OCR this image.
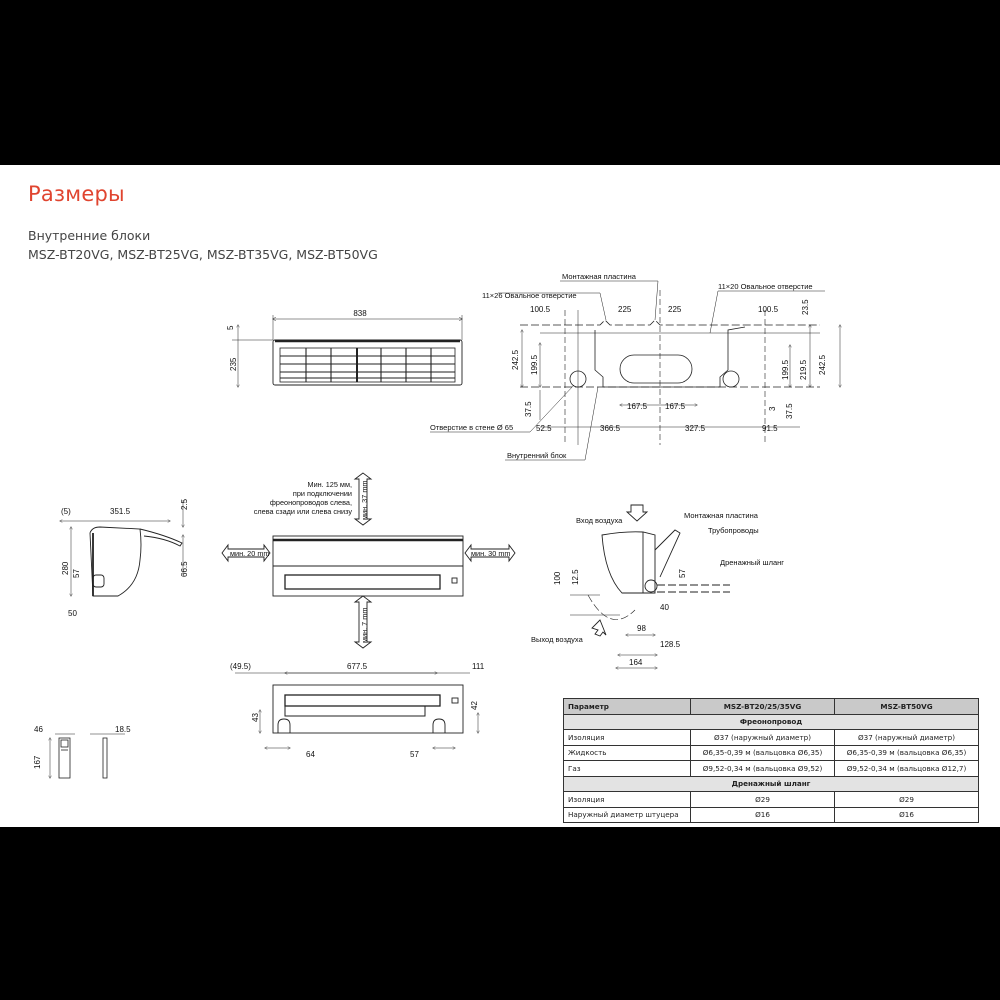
Размеры
Внутренние блоки
MSZ-BT20VG, MSZ-BT25VG, MSZ-BT35VG, MSZ-BT50VG
838
5
235
Монтажная пластина
11×26 Овальное отверстие
11×20 Овальное отверстие
Отверстие в стене Ø 65
Внутренний блок
100.5	225	225	100.5
242.5 199.5
37.5
23.5
219.5 242.5
199.5
3 37.5
52.5	366.5	327.5	91.5
167.5 167.5
(5)	351.5
2.5
280 57	66.5
50
Мин. 125 мм,
при подключении
фреонопроводов слева,
слева сзади или слева снизу мин. 37 mm
мин. 20 mm	мин. 30 mm
мин. 7 mm
Вход воздуха
Выход воздуха
Монтажная пластина
Трубопроводы
Дренажный шланг
100 12.5	57
40
98
128.5
164
(49.5)	677.5	111
43
42
64	57
46	18.5
167
Параметр	MSZ-BT20/25/35VG	MSZ-BT50VG
Фреонопровод		
Изоляция	Ø37 (наружный диаметр)	Ø37 (наружный диаметр)
Жидкость	Ø6,35-0,39 м (вальцовка Ø6,35)	Ø6,35-0,39 м (вальцовка Ø6,35)
Газ	Ø9,52-0,34 м (вальцовка Ø9,52)	Ø9,52-0,34 м (вальцовка Ø12,7)
Дренажный шланг		
Изоляция	Ø29	Ø29
Наружный диаметр штуцера	Ø16	Ø16
